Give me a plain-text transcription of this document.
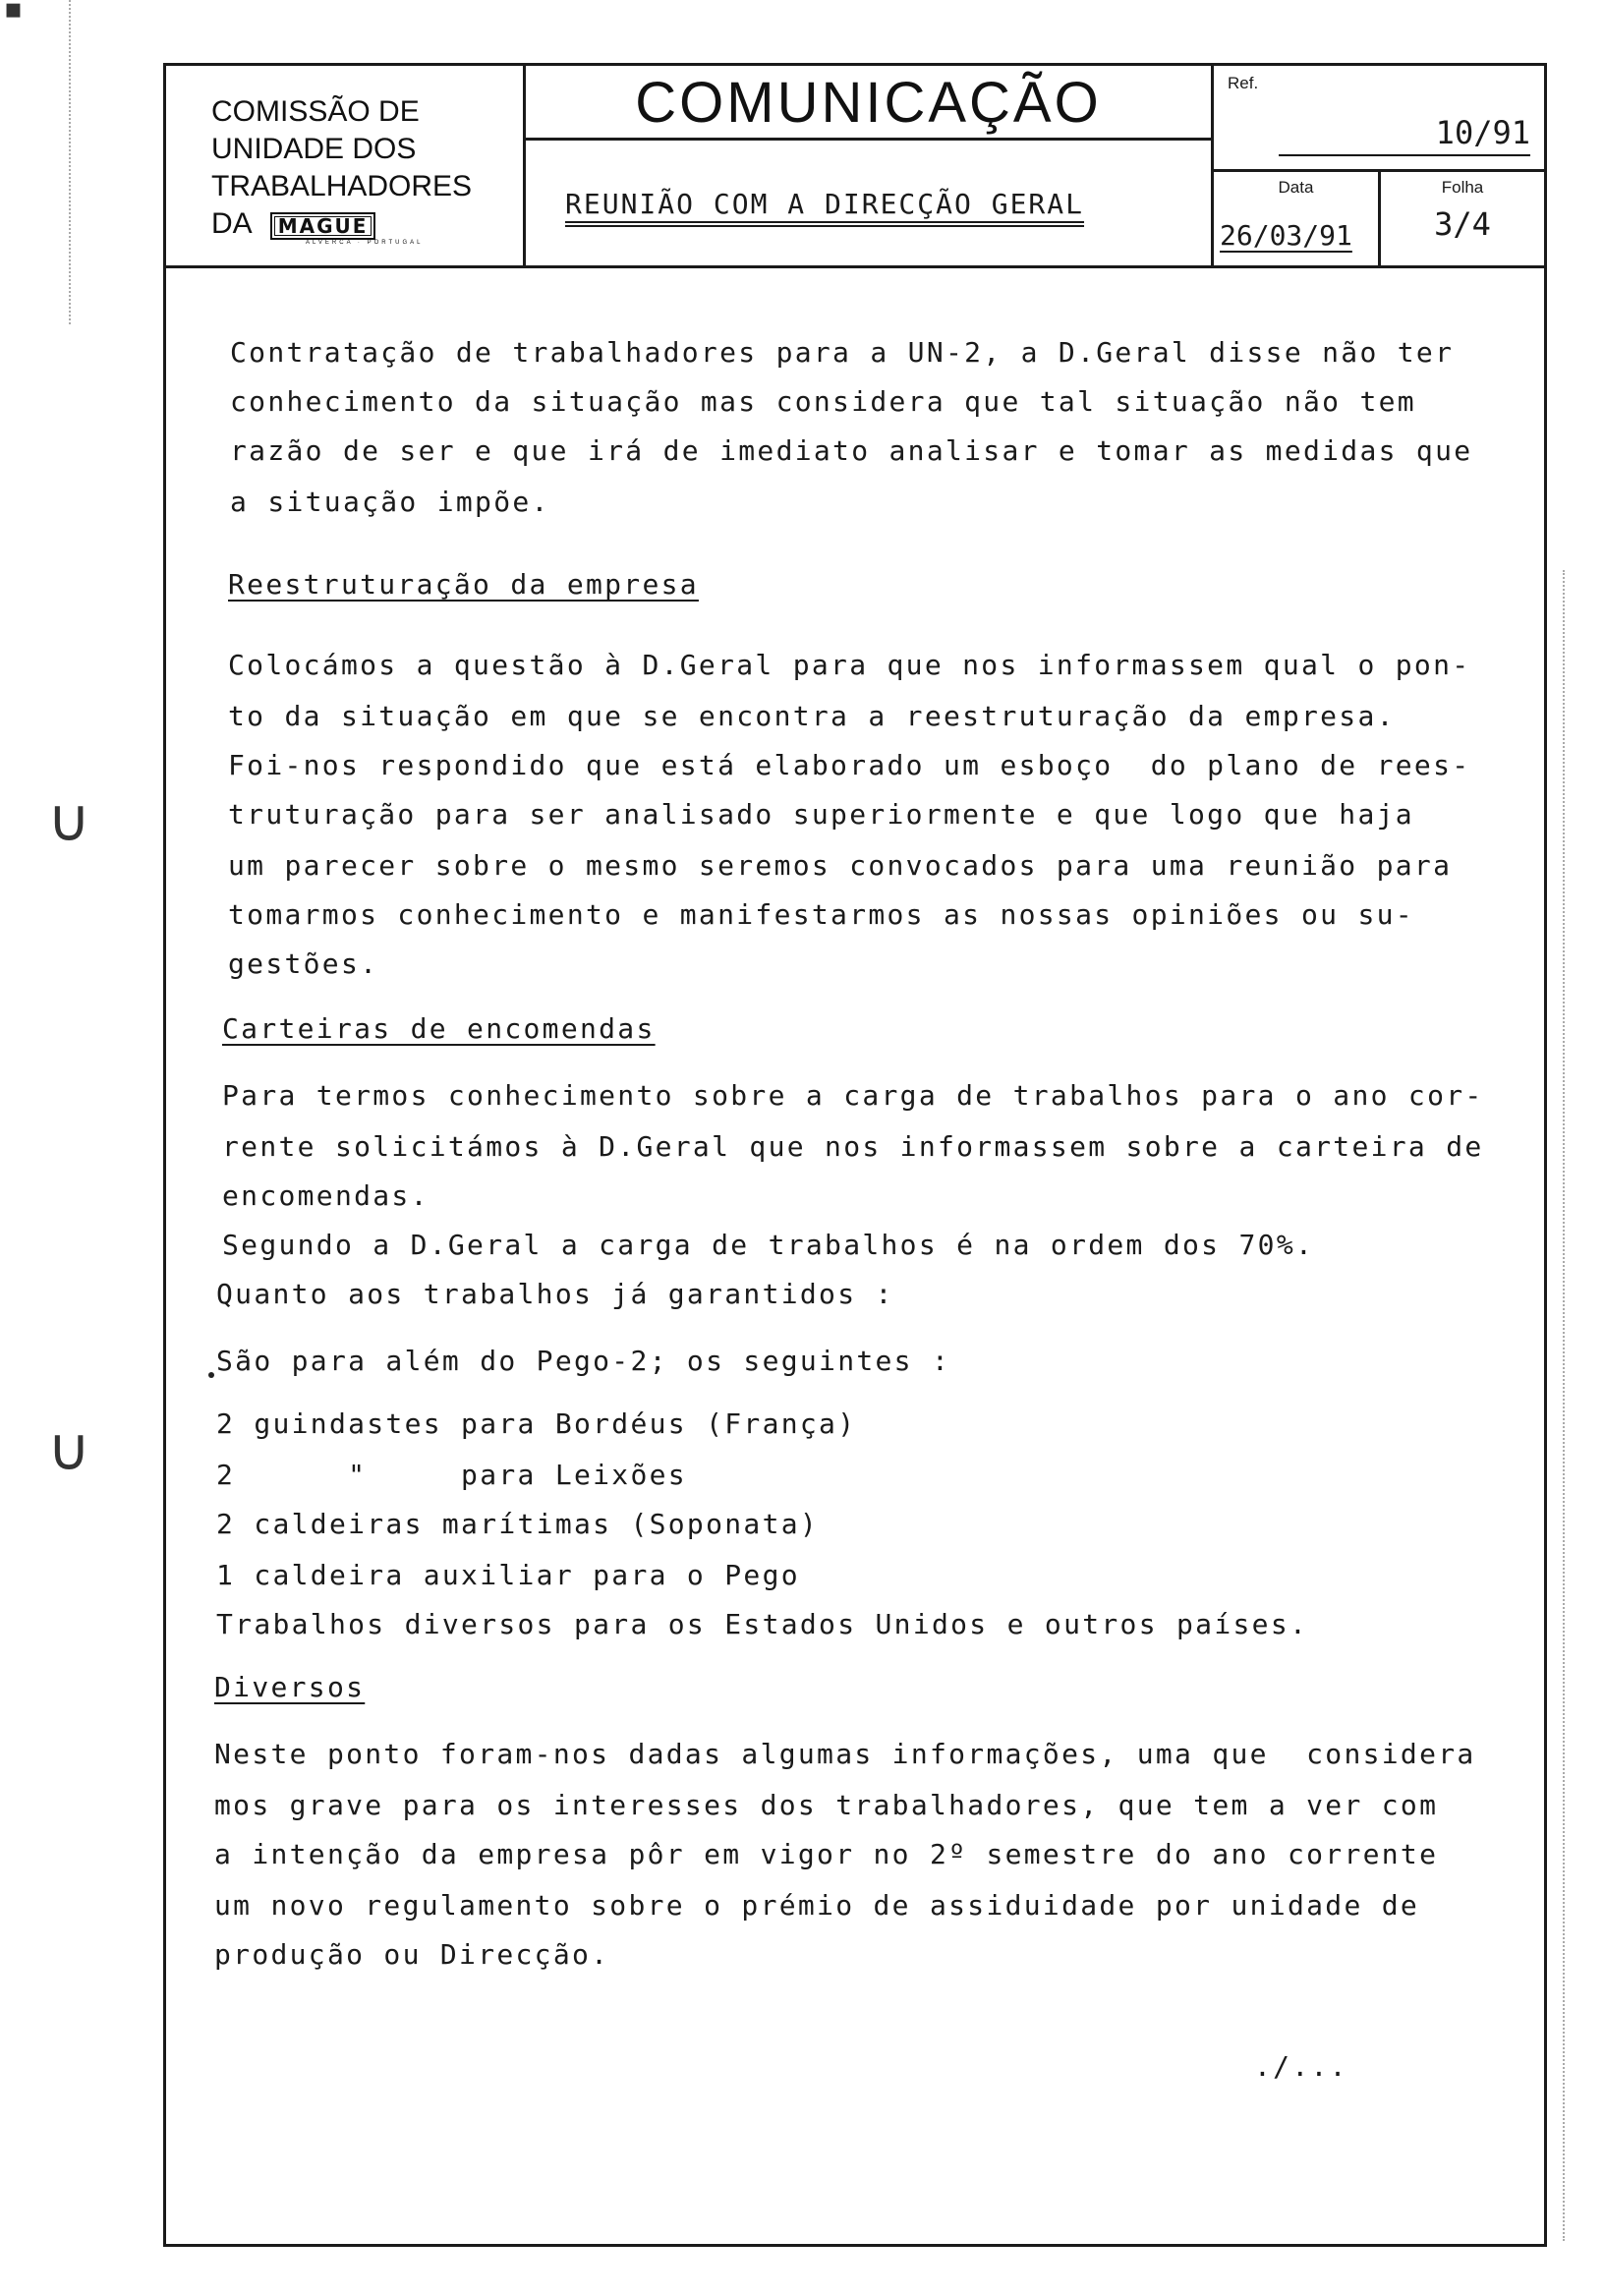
▪
∪
∪
COMISSÃO DE
UNIDADE DOS
TRABALHADORES
DA	MAGUE
ALVERCA · PORTUGAL
COMUNICAÇÃO
REUNIÃO COM A DIRECÇÃO GERAL
Ref.
10/91
Data
26/03/91
Folha
3/4
Contratação de trabalhadores para a UN-2, a D.Geral disse não ter
conhecimento da situação mas considera que tal situação não tem
razão de ser e que irá de imediato analisar e tomar as medidas que
a situação impõe.
Reestruturação da empresa
Colocámos a questão à D.Geral para que nos informassem qual o pon-
to da situação em que se encontra a reestruturação da empresa.
Foi-nos respondido que está elaborado um esboço  do plano de rees-
truturação para ser analisado superiormente e que logo que haja
um parecer sobre o mesmo seremos convocados para uma reunião para
tomarmos conhecimento e manifestarmos as nossas opiniões ou su-
gestões.
Carteiras de encomendas
Para termos conhecimento sobre a carga de trabalhos para o ano cor-
rente solicitámos à D.Geral que nos informassem sobre a carteira de
encomendas.
Segundo a D.Geral a carga de trabalhos é na ordem dos 70%.
Quanto aos trabalhos já garantidos :
São para além do Pego-2; os seguintes :
2 guindastes para Bordéus (França)
2      "     para Leixões
2 caldeiras marítimas (Soponata)
1 caldeira auxiliar para o Pego
Trabalhos diversos para os Estados Unidos e outros países.
Diversos
Neste ponto foram-nos dadas algumas informações, uma que  considera
mos grave para os interesses dos trabalhadores, que tem a ver com
a intenção da empresa pôr em vigor no 2º semestre do ano corrente
um novo regulamento sobre o prémio de assiduidade por unidade de
produção ou Direcção.
./...
